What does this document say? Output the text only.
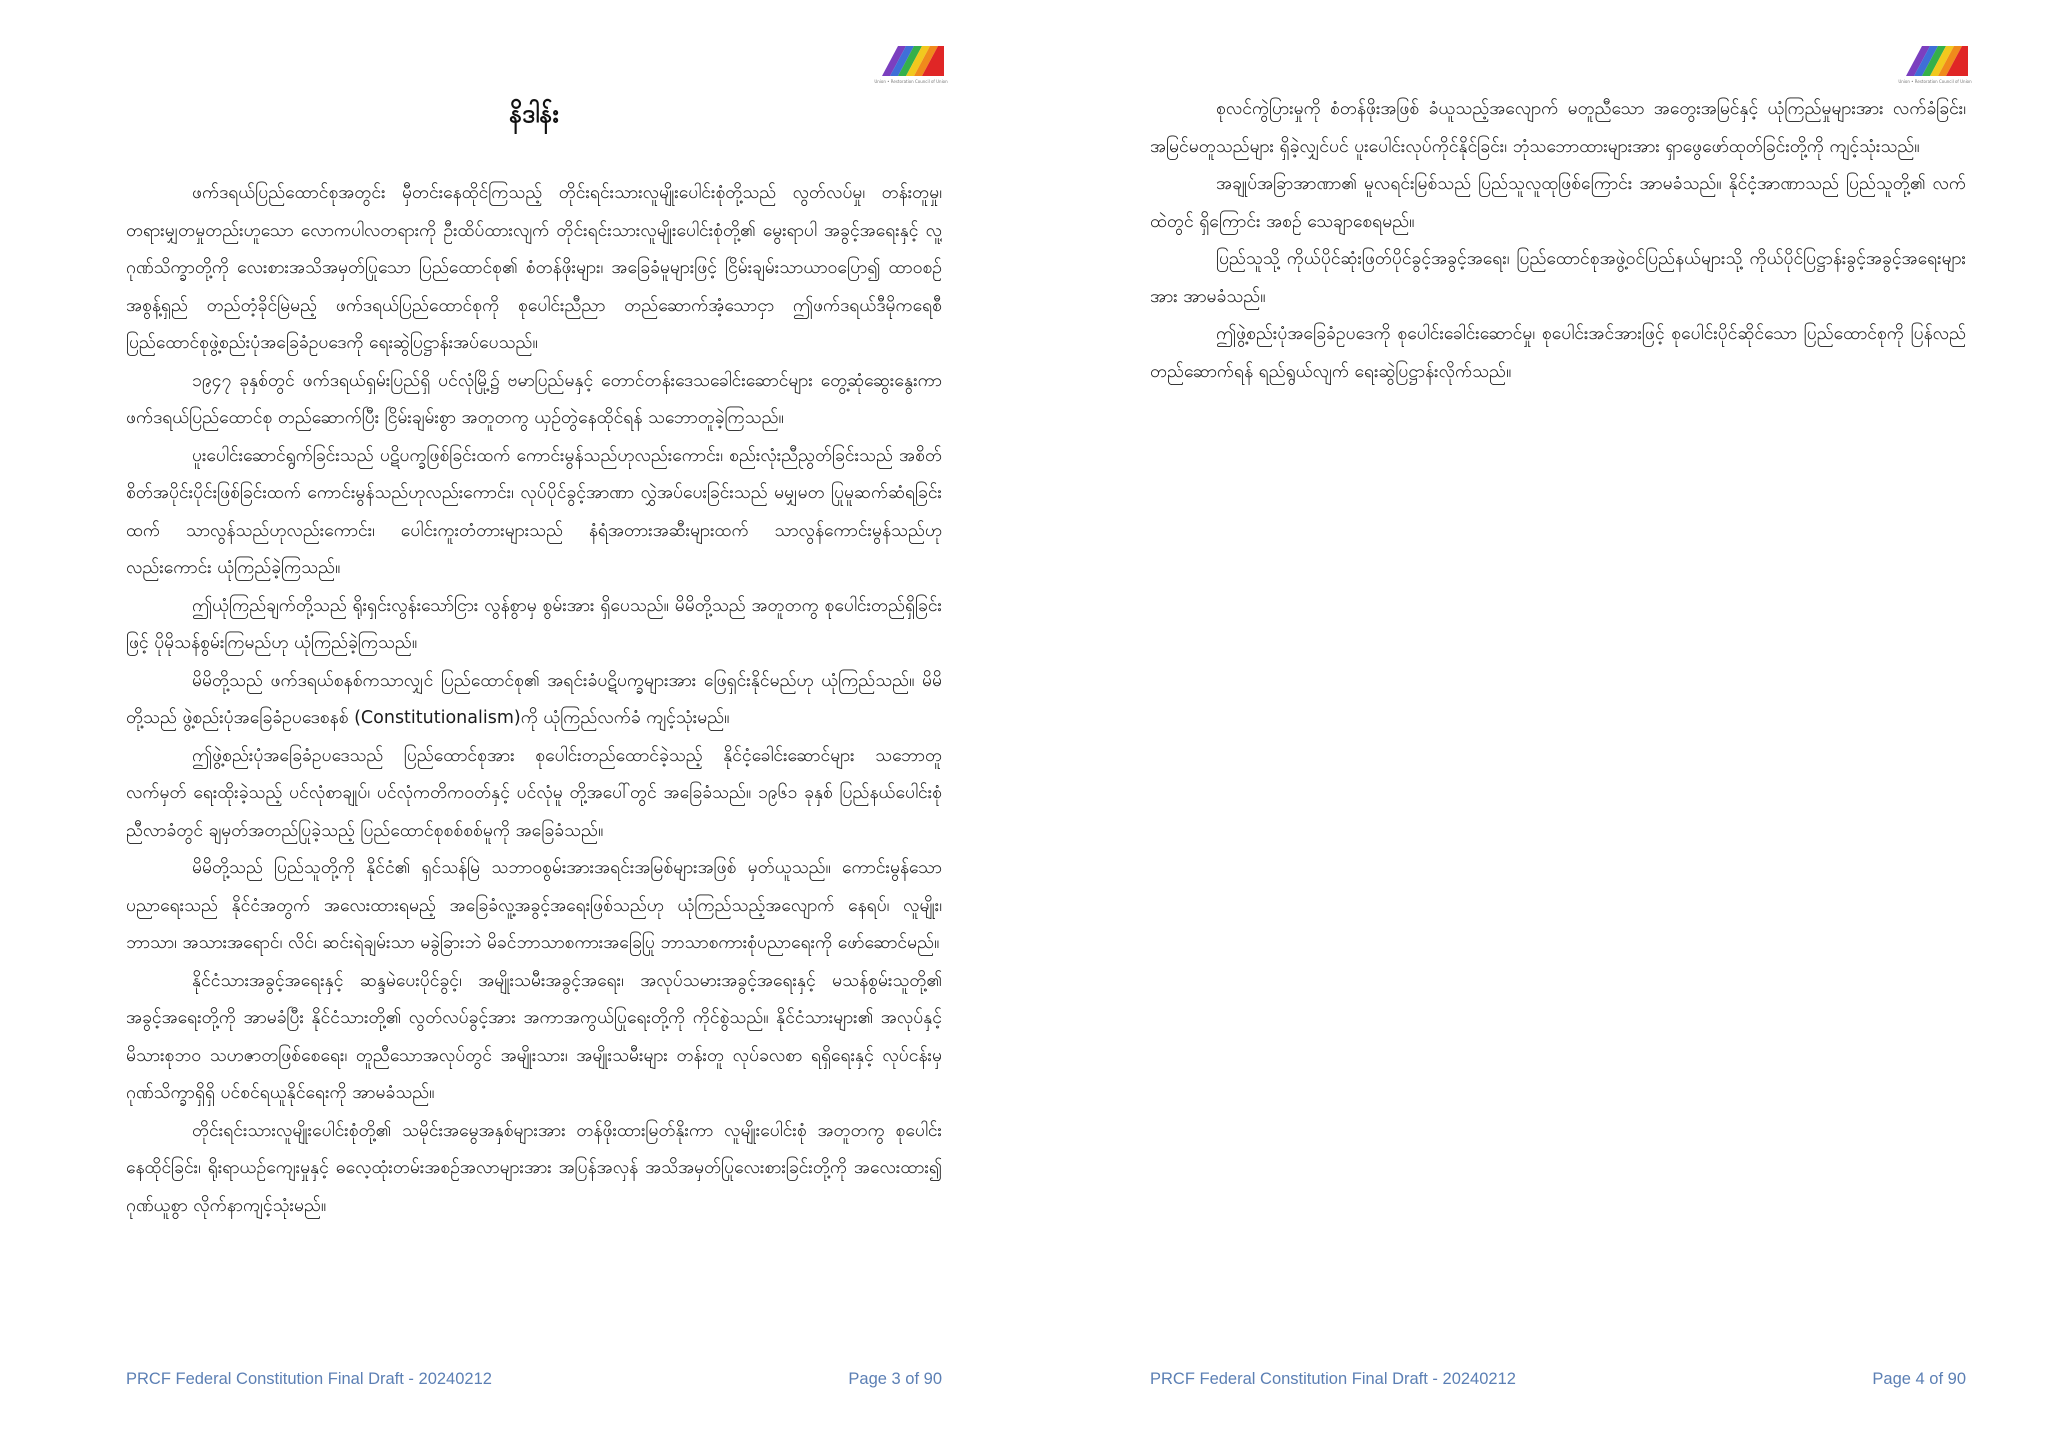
Union • Restoration Council of Union
နိဒါန်း

ဖက်ဒရယ်ပြည်ထောင်စုအတွင်း မှီတင်းနေထိုင်ကြသည့် တိုင်းရင်းသားလူမျိုးပေါင်းစုံတို့သည် လွတ်လပ်မှု၊ တန်းတူမှု၊ တရားမျှတမှုတည်းဟူသော လောကပါလတရားကို ဦးထိပ်ထားလျက် တိုင်းရင်းသားလူမျိုးပေါင်းစုံတို့၏ မွေးရာပါ အခွင့်အရေးနှင့် လူ့ဂုဏ်သိက္ခာတို့ကို လေးစားအသိအမှတ်ပြုသော ပြည်ထောင်စု၏ စံတန်ဖိုးများ၊ အခြေခံမူများဖြင့် ငြိမ်းချမ်းသာယာဝပြော၍ ထာဝစဉ် အစွန့်ရှည် တည်တံ့ခိုင်မြဲမည့် ဖက်ဒရယ်ပြည်ထောင်စုကို စုပေါင်းညီညာ တည်ဆောက်အံ့သောငှာ ဤဖက်ဒရယ်ဒီမိုကရေစီပြည်ထောင်စုဖွဲ့စည်းပုံအခြေခံဥပဒေကို ရေးဆွဲပြဋ္ဌာန်းအပ်ပေသည်။

၁၉၄၇ ခုနှစ်တွင် ဖက်ဒရယ်ရှမ်းပြည်ရှိ ပင်လုံမြို့၌ ဗမာပြည်မနှင့် တောင်တန်းဒေသခေါင်းဆောင်များ တွေ့ဆုံဆွေးနွေးကာ ဖက်ဒရယ်ပြည်ထောင်စု တည်ဆောက်ပြီး ငြိမ်းချမ်းစွာ အတူတကွ ယှဉ်တွဲနေထိုင်ရန် သဘောတူခဲ့ကြသည်။

ပူးပေါင်းဆောင်ရွက်ခြင်းသည် ပဋိပက္ခဖြစ်ခြင်းထက် ကောင်းမွန်သည်ဟုလည်းကောင်း၊ စည်းလုံးညီညွတ်ခြင်းသည် အစိတ်စိတ်အပိုင်းပိုင်းဖြစ်ခြင်းထက် ကောင်းမွန်သည်ဟုလည်းကောင်း၊ လုပ်ပိုင်ခွင့်အာဏာ လွှဲအပ်ပေးခြင်းသည် မမျှမတ ပြုမူဆက်ဆံရခြင်းထက် သာလွန်သည်ဟုလည်းကောင်း၊ ပေါင်းကူးတံတားများသည် နံရံအတားအဆီးများထက် သာလွန်ကောင်းမွန်သည်ဟုလည်းကောင်း ယုံကြည်ခဲ့ကြသည်။

ဤယုံကြည်ချက်တို့သည် ရိုးရှင်းလွန်းသော်ငြား လွန်စွာမှ စွမ်းအား ရှိပေသည်။ မိမိတို့သည် အတူတကွ စုပေါင်းတည်ရှိခြင်းဖြင့် ပိုမိုသန်စွမ်းကြမည်ဟု ယုံကြည်ခဲ့ကြသည်။

မိမိတို့သည် ဖက်ဒရယ်စနစ်ကသာလျှင် ပြည်ထောင်စု၏ အရင်းခံပဋိပက္ခများအား ဖြေရှင်းနိုင်မည်ဟု ယုံကြည်သည်။ မိမိတို့သည် ဖွဲ့စည်းပုံအခြေခံဥပဒေစနစ် (Constitutionalism)ကို ယုံကြည်လက်ခံ ကျင့်သုံးမည်။

ဤဖွဲ့စည်းပုံအခြေခံဥပဒေသည် ပြည်ထောင်စုအား စုပေါင်းတည်ထောင်ခဲ့သည့် နိုင်ငံ့ခေါင်းဆောင်များ သဘောတူလက်မှတ် ရေးထိုးခဲ့သည့် ပင်လုံစာချုပ်၊ ပင်လုံကတိကဝတ်နှင့် ပင်လုံမူ တို့အပေါ်တွင် အခြေခံသည်။ ၁၉၆၁ ခုနှစ် ပြည်နယ်ပေါင်းစုံ ညီလာခံတွင် ချမှတ်အတည်ပြုခဲ့သည့် ပြည်ထောင်စုစစ်စစ်မူကို အခြေခံသည်။

မိမိတို့သည် ပြည်သူတို့ကို နိုင်ငံ၏ ရှင်သန်မြဲ သဘာဝစွမ်းအားအရင်းအမြစ်များအဖြစ် မှတ်ယူသည်။ ကောင်းမွန်သော ပညာရေးသည် နိုင်ငံအတွက် အလေးထားရမည့် အခြေခံလူ့အခွင့်အရေးဖြစ်သည်ဟု ယုံကြည်သည့်အလျောက် နေရပ်၊ လူမျိုး၊ ဘာသာ၊ အသားအရောင်၊ လိင်၊ ဆင်းရဲချမ်းသာ မခွဲခြားဘဲ မိခင်ဘာသာစကားအခြေပြု ဘာသာစကားစုံပညာရေးကို ဖော်ဆောင်မည်။

နိုင်ငံသားအခွင့်အရေးနှင့် ဆန္ဒမဲပေးပိုင်ခွင့်၊ အမျိုးသမီးအခွင့်အရေး၊ အလုပ်သမားအခွင့်အရေးနှင့် မသန်စွမ်းသူတို့၏ အခွင့်အရေးတို့ကို အာမခံပြီး နိုင်ငံသားတို့၏ လွတ်လပ်ခွင့်အား အကာအကွယ်ပြုရေးတို့ကို ကိုင်စွဲသည်။ နိုင်ငံသားများ၏ အလုပ်နှင့် မိသားစုဘဝ သဟဇာတဖြစ်စေရေး၊ တူညီသောအလုပ်တွင် အမျိုးသား၊ အမျိုးသမီးများ တန်းတူ လုပ်ခလစာ ရရှိရေးနှင့် လုပ်ငန်းမှ ဂုဏ်သိက္ခာရှိရှိ ပင်စင်ရယူနိုင်ရေးကို အာမခံသည်။

တိုင်းရင်းသားလူမျိုးပေါင်းစုံတို့၏ သမိုင်းအမွေအနှစ်များအား တန်ဖိုးထားမြတ်နိုးကာ လူမျိုးပေါင်းစုံ အတူတကွ စုပေါင်းနေထိုင်ခြင်း၊ ရိုးရာယဉ်ကျေးမှုနှင့် ဓလေ့ထုံးတမ်းအစဉ်အလာများအား အပြန်အလှန် အသိအမှတ်ပြုလေးစားခြင်းတို့ကို အလေးထား၍ ဂုဏ်ယူစွာ လိုက်နာကျင့်သုံးမည်။

PRCF Federal Constitution Final Draft - 20240212	Page 3 of 90
Union • Restoration Council of Union

စုလင်ကွဲပြားမှုကို စံတန်ဖိုးအဖြစ် ခံယူသည့်အလျောက် မတူညီသော အတွေးအမြင်နှင့် ယုံကြည်မှုများအား လက်ခံခြင်း၊ အမြင်မတူသည်များ ရှိခဲ့လျှင်ပင် ပူးပေါင်းလုပ်ကိုင်နိုင်ခြင်း၊ ဘုံသဘောထားများအား ရှာဖွေဖော်ထုတ်ခြင်းတို့ကို ကျင့်သုံးသည်။

အချုပ်အခြာအာဏာ၏ မူလရင်းမြစ်သည် ပြည်သူလူထုဖြစ်ကြောင်း အာမခံသည်။ နိုင်ငံ့အာဏာသည် ပြည်သူတို့၏ လက်ထဲတွင် ရှိကြောင်း အစဉ် သေချာစေရမည်။

ပြည်သူသို့ ကိုယ်ပိုင်ဆုံးဖြတ်ပိုင်ခွင့်အခွင့်အရေး၊ ပြည်ထောင်စုအဖွဲ့ဝင်ပြည်နယ်များသို့ ကိုယ်ပိုင်ပြဋ္ဌာန်းခွင့်အခွင့်အရေးများအား အာမခံသည်။

ဤဖွဲ့စည်းပုံအခြေခံဥပဒေကို စုပေါင်းခေါင်းဆောင်မှု၊ စုပေါင်းအင်အားဖြင့် စုပေါင်းပိုင်ဆိုင်သော ပြည်ထောင်စုကို ပြန်လည် တည်ဆောက်ရန် ရည်ရွယ်လျက် ရေးဆွဲပြဋ္ဌာန်းလိုက်သည်။

PRCF Federal Constitution Final Draft - 20240212	Page 4 of 90
